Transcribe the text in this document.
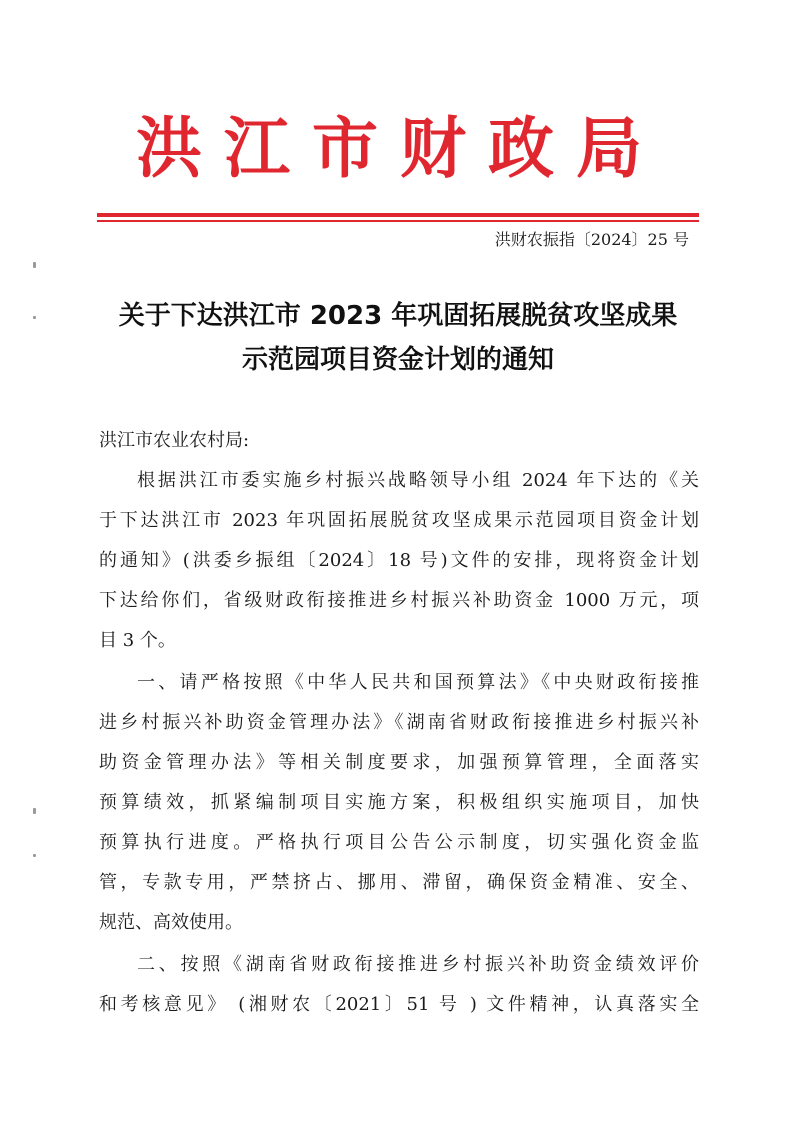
洪江市财政局
洪财农振指〔2024〕25 号
关于下达洪江市 2023 年巩固拓展脱贫攻坚成果
示范园项目资金计划的通知
洪江市农业农村局:
根据洪江市委实施乡村振兴战略领导小组 2024 年下达的《关
于下达洪江市 2023 年巩固拓展脱贫攻坚成果示范园项目资金计划
的通知》(洪委乡振组〔2024〕18 号)文件的安排，现将资金计划
下达给你们，省级财政衔接推进乡村振兴补助资金 1000 万元，项
目 3 个。
一、请严格按照《中华人民共和国预算法》《中央财政衔接推
进乡村振兴补助资金管理办法》《湖南省财政衔接推进乡村振兴补
助资金管理办法》等相关制度要求，加强预算管理，全面落实
预算绩效，抓紧编制项目实施方案，积极组织实施项目，加快
预算执行进度。严格执行项目公告公示制度，切实强化资金监
管，专款专用，严禁挤占、挪用、滞留，确保资金精准、安全、
规范、高效使用。
二、按照《湖南省财政衔接推进乡村振兴补助资金绩效评价
和考核意见》 (湘财农〔2021〕51 号 ) 文件精神，认真落实全
